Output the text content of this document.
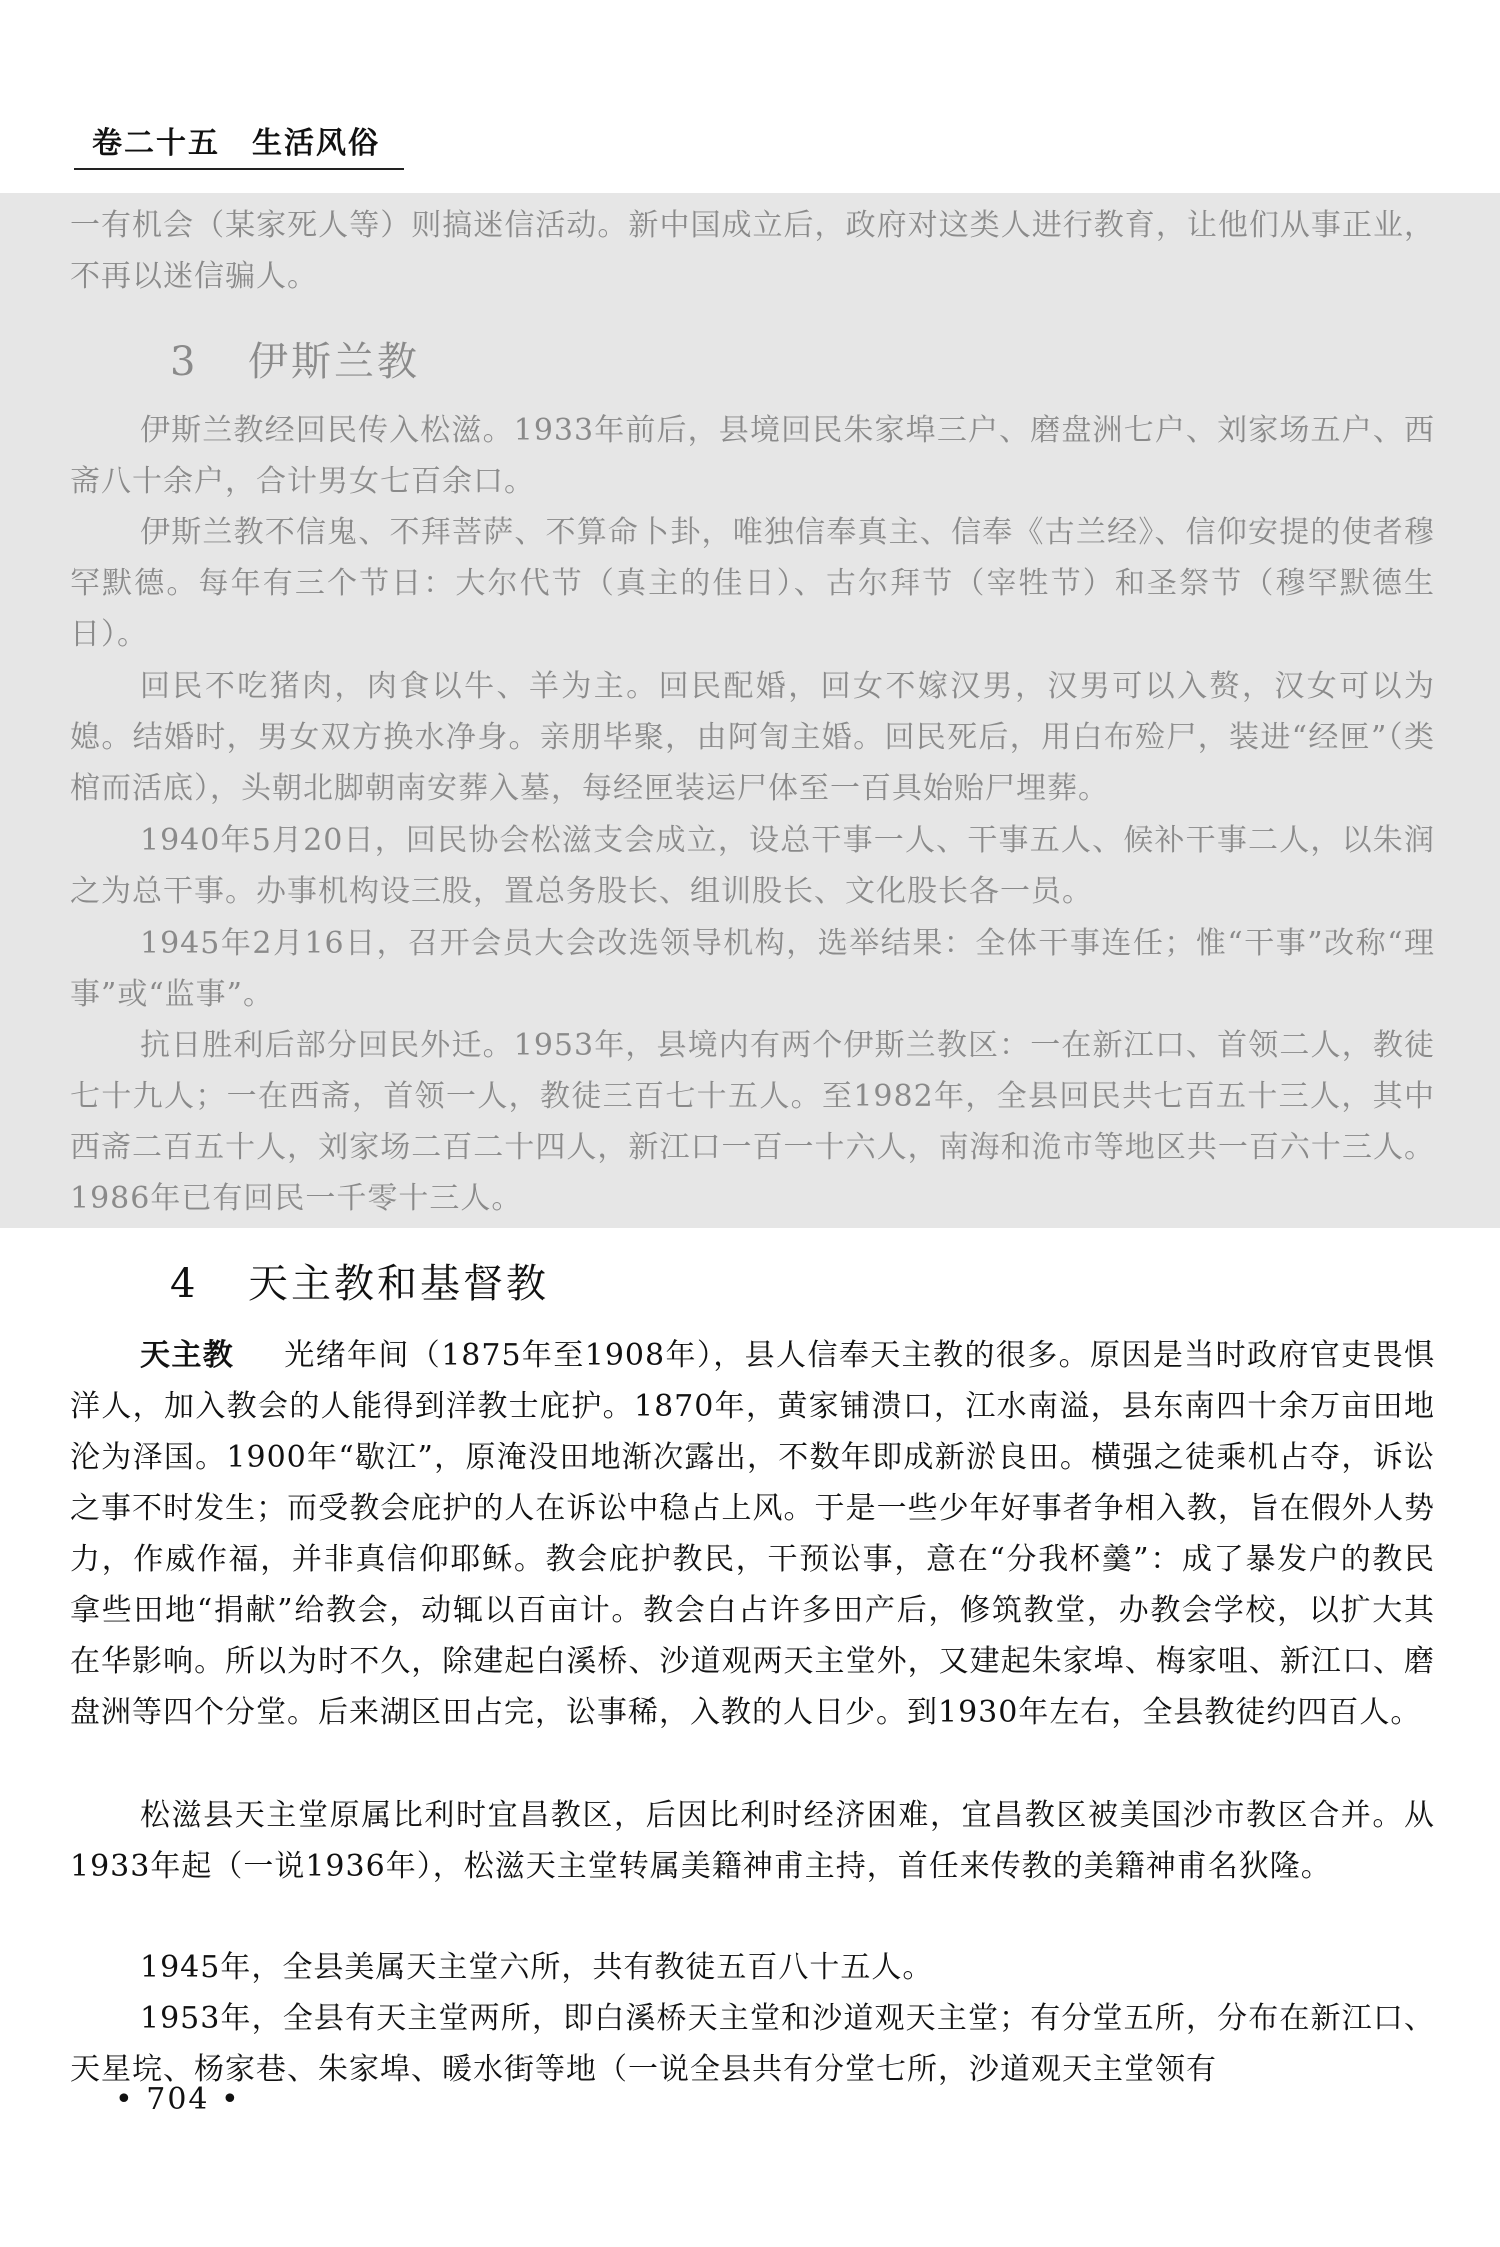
卷二十五　生活风俗
一有机会（某家死人等）则搞迷信活动。新中国成立后，政府对这类人进行教育，让他们从事正业，不再以迷信骗人。
3 伊斯兰教
伊斯兰教经回民传入松滋。1933年前后，县境回民朱家埠三户、磨盘洲七户、刘家场五户、西斋八十余户，合计男女七百余口。
伊斯兰教不信鬼、不拜菩萨、不算命卜卦，唯独信奉真主、信奉《古兰经》、信仰安提的使者穆罕默德。每年有三个节日：大尔代节（真主的佳日）、古尔拜节（宰牲节）和圣祭节（穆罕默德生日）。
回民不吃猪肉，肉食以牛、羊为主。回民配婚，回女不嫁汉男，汉男可以入赘，汉女可以为媳。结婚时，男女双方换水净身。亲朋毕聚，由阿訇主婚。回民死后，用白布殓尸，装进“经匣”（类棺而活底），头朝北脚朝南安葬入墓，每经匣装运尸体至一百具始贻尸埋葬。
1940年5月20日，回民协会松滋支会成立，设总干事一人、干事五人、候补干事二人，以朱润之为总干事。办事机构设三股，置总务股长、组训股长、文化股长各一员。
1945年2月16日，召开会员大会改选领导机构，选举结果：全体干事连任；惟“干事”改称“理事”或“监事”。
抗日胜利后部分回民外迁。1953年，县境内有两个伊斯兰教区：一在新江口、首领二人，教徒七十九人；一在西斋，首领一人，教徒三百七十五人。至1982年，全县回民共七百五十三人，其中西斋二百五十人，刘家场二百二十四人，新江口一百一十六人，南海和洈市等地区共一百六十三人。1986年已有回民一千零十三人。
4 天主教和基督教
天主教 光绪年间（1875年至1908年），县人信奉天主教的很多。原因是当时政府官吏畏惧洋人，加入教会的人能得到洋教士庇护。1870年，黄家铺溃口，江水南溢，县东南四十余万亩田地沦为泽国。1900年“歇江”，原淹没田地渐次露出，不数年即成新淤良田。横强之徒乘机占夺，诉讼之事不时发生；而受教会庇护的人在诉讼中稳占上风。于是一些少年好事者争相入教，旨在假外人势力，作威作福，并非真信仰耶稣。教会庇护教民，干预讼事，意在“分我杯羹”：成了暴发户的教民拿些田地“捐献”给教会，动辄以百亩计。教会白占许多田产后，修筑教堂，办教会学校，以扩大其在华影响。所以为时不久，除建起白溪桥、沙道观两天主堂外，又建起朱家埠、梅家咀、新江口、磨盘洲等四个分堂。后来湖区田占完，讼事稀，入教的人日少。到1930年左右，全县教徒约四百人。
松滋县天主堂原属比利时宜昌教区，后因比利时经济困难，宜昌教区被美国沙市教区合并。从1933年起（一说1936年），松滋天主堂转属美籍神甫主持，首任来传教的美籍神甫名狄隆。
1945年，全县美属天主堂六所，共有教徒五百八十五人。
1953年，全县有天主堂两所，即白溪桥天主堂和沙道观天主堂；有分堂五所，分布在新江口、天星垸、杨家巷、朱家埠、暖水街等地（一说全县共有分堂七所，沙道观天主堂领有
• 704 •
